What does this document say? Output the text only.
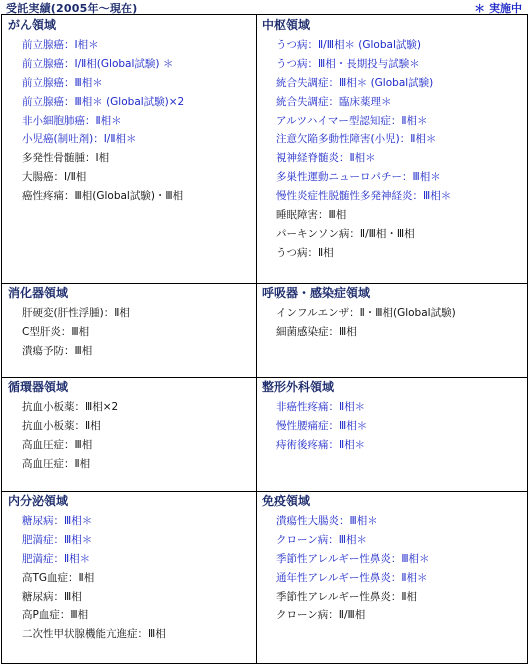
受託実績(2005年～現在)	＊ 実施中
がん領域
前立腺癌：Ⅰ相＊
前立腺癌：Ⅰ/Ⅱ相(Global試験) ＊
前立腺癌：Ⅲ相＊
前立腺癌：Ⅲ相＊ (Global試験)×2
非小細胞肺癌：Ⅱ相＊
小児癌(制吐剤)：Ⅰ/Ⅱ相＊
多発性骨髄腫：Ⅰ相
大腸癌：Ⅰ/Ⅱ相
癌性疼痛：Ⅲ相(Global試験)・Ⅲ相
中枢領域
うつ病：Ⅱ/Ⅲ相＊ (Global試験)
うつ病：Ⅲ相・長期投与試験＊
統合失調症：Ⅲ相＊ (Global試験)
統合失調症：臨床薬理＊
アルツハイマー型認知症：Ⅱ相＊
注意欠陥多動性障害(小児)：Ⅱ相＊
視神経脊髄炎：Ⅱ相＊
多巣性運動ニューロパチー：Ⅲ相＊
慢性炎症性脱髄性多発神経炎：Ⅲ相＊
睡眠障害：Ⅲ相
パーキンソン病：Ⅱ/Ⅲ相・Ⅲ相
うつ病：Ⅱ相
消化器領域
肝硬変(肝性浮腫)：Ⅱ相
C型肝炎：Ⅲ相
潰瘍予防：Ⅲ相
呼吸器・感染症領域
インフルエンザ：Ⅱ・Ⅲ相(Global試験)
細菌感染症：Ⅲ相
循環器領域
抗血小板薬：Ⅲ相×2
抗血小板薬：Ⅱ相
高血圧症：Ⅲ相
高血圧症：Ⅱ相
整形外科領域
非癌性疼痛：Ⅱ相＊
慢性腰痛症：Ⅲ相＊
痔術後疼痛：Ⅱ相＊
内分泌領域
糖尿病：Ⅲ相＊
肥満症：Ⅲ相＊
肥満症：Ⅱ相＊
高TG血症：Ⅱ相
糖尿病：Ⅲ相
高P血症：Ⅲ相
二次性甲状腺機能亢進症：Ⅲ相
免疫領域
潰瘍性大腸炎：Ⅲ相＊
クローン病：Ⅲ相＊
季節性アレルギー性鼻炎：Ⅲ相＊
通年性アレルギー性鼻炎：Ⅱ相＊
季節性アレルギー性鼻炎：Ⅱ相
クローン病：Ⅱ/Ⅲ相
